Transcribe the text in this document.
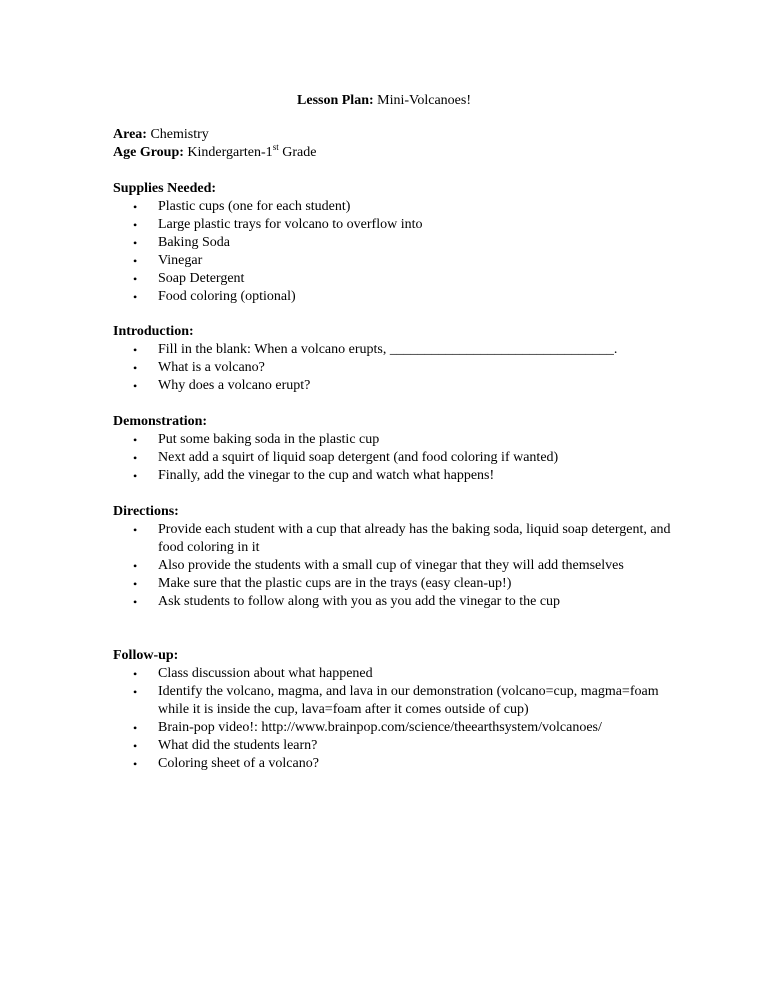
Lesson Plan: Mini-Volcanoes!
Area: Chemistry
Age Group: Kindergarten-1st Grade
Supplies Needed:
• Plastic cups (one for each student)
• Large plastic trays for volcano to overflow into
• Baking Soda
• Vinegar
• Soap Detergent
• Food coloring (optional)
Introduction:
• Fill in the blank: When a volcano erupts, ________________________________.
• What is a volcano?
• Why does a volcano erupt?
Demonstration:
• Put some baking soda in the plastic cup
• Next add a squirt of liquid soap detergent (and food coloring if wanted)
• Finally, add the vinegar to the cup and watch what happens!
Directions:
• Provide each student with a cup that already has the baking soda, liquid soap detergent, and food coloring in it
• Also provide the students with a small cup of vinegar that they will add themselves
• Make sure that the plastic cups are in the trays (easy clean-up!)
• Ask students to follow along with you as you add the vinegar to the cup
Follow-up:
• Class discussion about what happened
• Identify the volcano, magma, and lava in our demonstration (volcano=cup, magma=foam while it is inside the cup, lava=foam after it comes outside of cup)
• Brain-pop video!: http://www.brainpop.com/science/theearthsystem/volcanoes/
• What did the students learn?
• Coloring sheet of a volcano?
